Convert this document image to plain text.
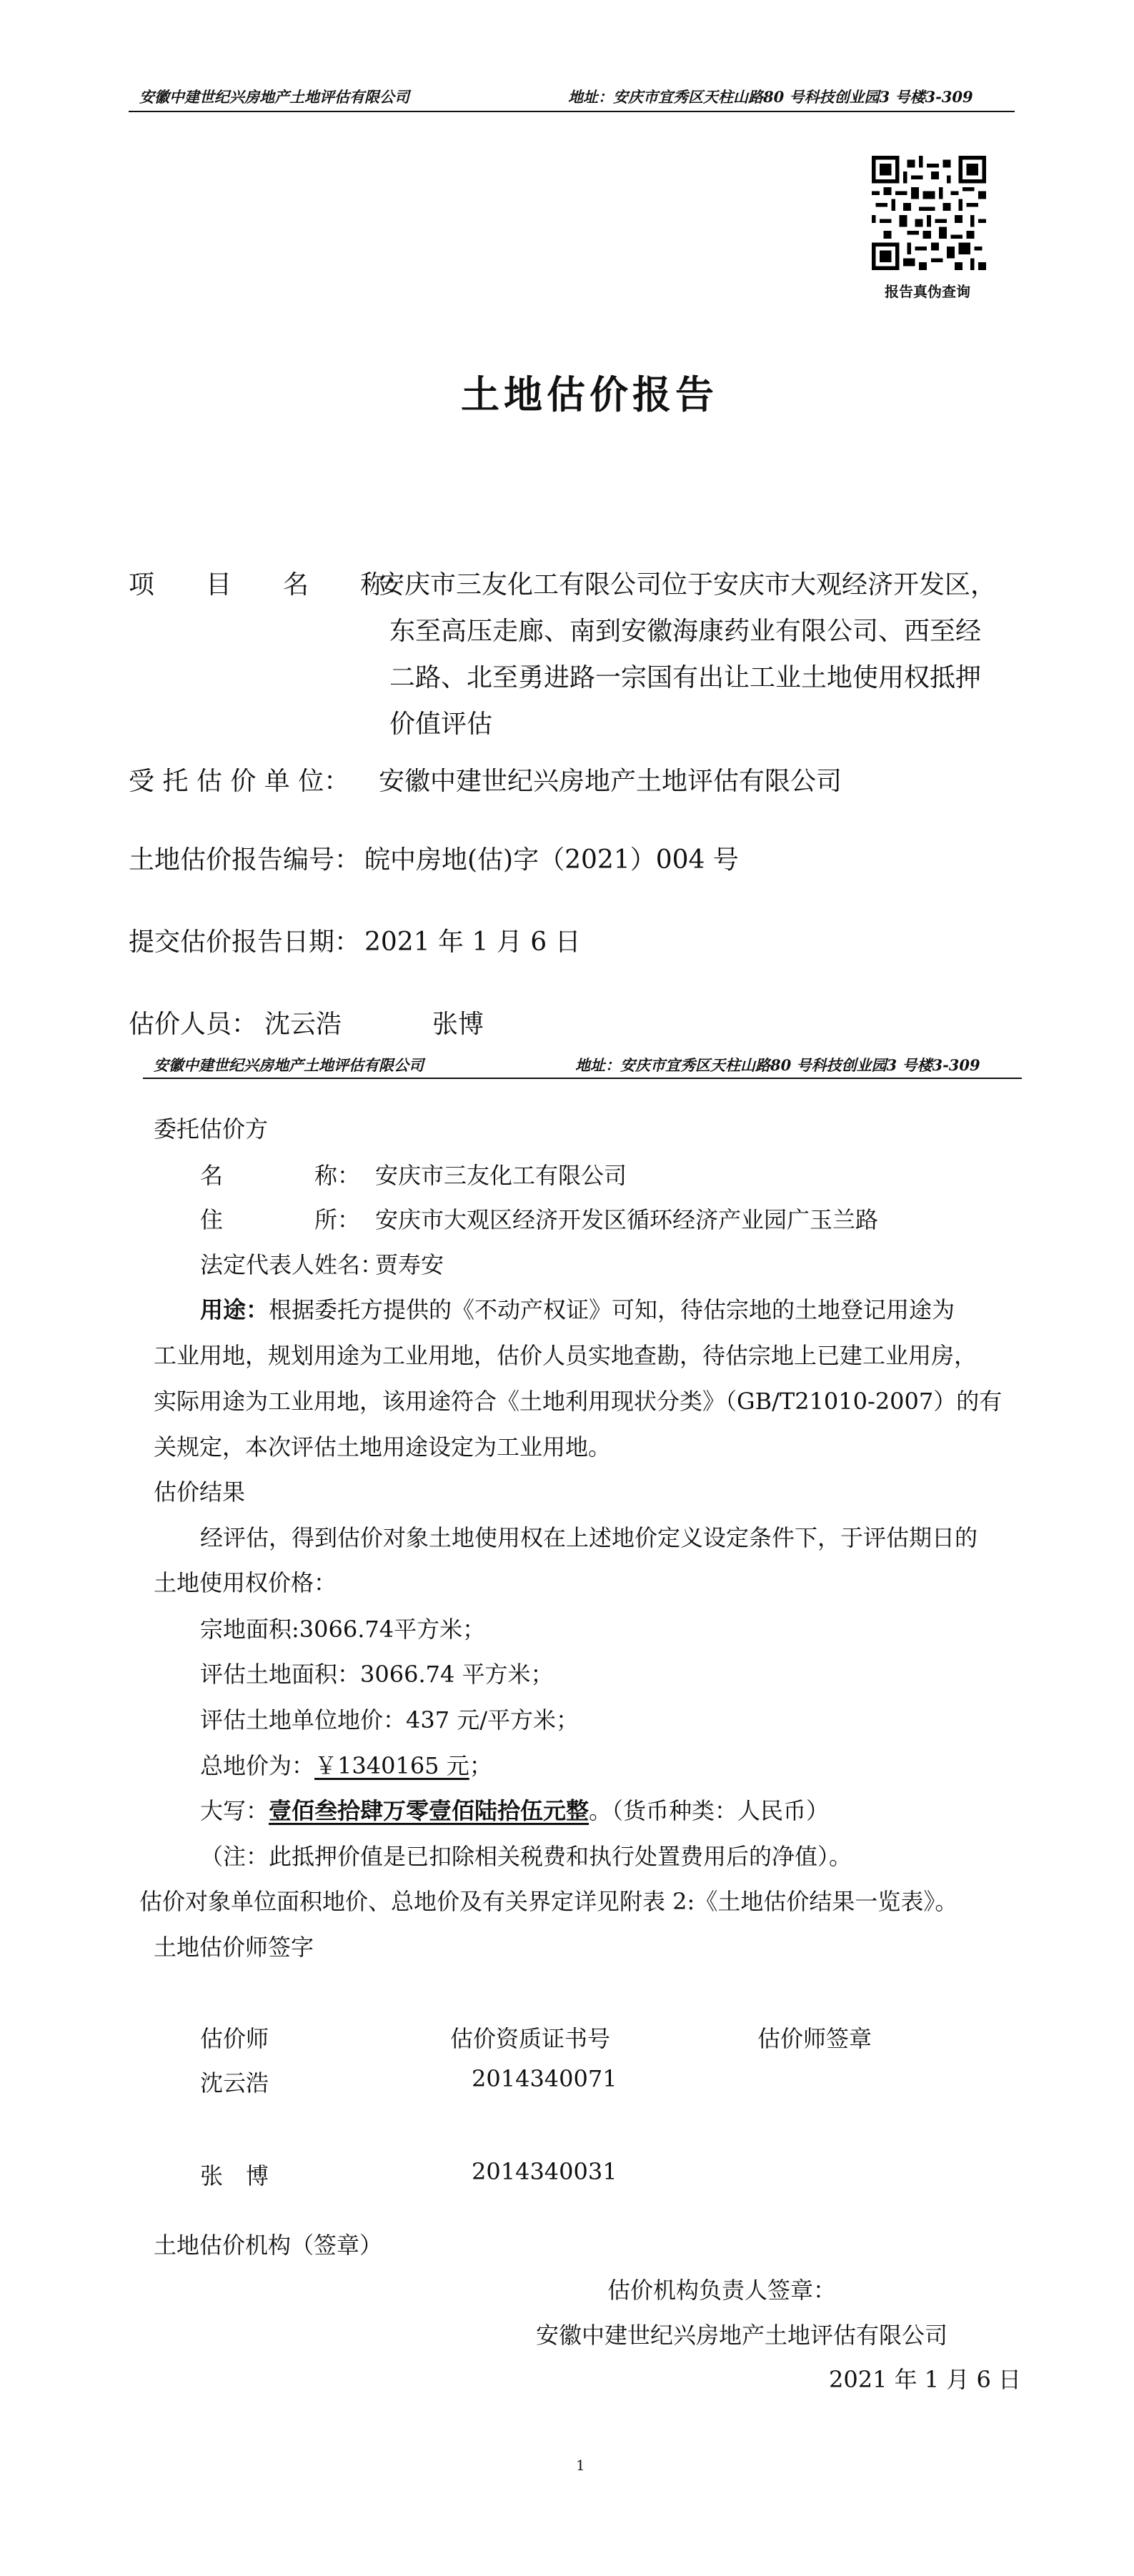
安徽中建世纪兴房地产土地评估有限公司	地址：安庆市宜秀区天柱山路80 号科技创业园3 号楼3-309
报告真伪查询
土地估价报告
项　　目　　名　　称：
安庆市三友化工有限公司位于安庆市大观经济开发区，
东至高压走廊、南到安徽海康药业有限公司、西至经
二路、北至勇进路一宗国有出让工业土地使用权抵押
价值评估
受 托 估 价 单 位： 安徽中建世纪兴房地产土地评估有限公司
土地估价报告编号： 皖中房地(估)字（2021）004 号
提交估价报告日期： 2021 年 1 月 6 日
估价人员： 沈云浩	张博
安徽中建世纪兴房地产土地评估有限公司	地址：安庆市宜秀区天柱山路80 号科技创业园3 号楼3-309
委托估价方
名　　　　称： 安庆市三友化工有限公司
住　　　　所： 安庆市大观区经济开发区循环经济产业园广玉兰路
法定代表人姓名：
贾寿安
用途：根据委托方提供的《不动产权证》可知，待估宗地的土地登记用途为
工业用地，规划用途为工业用地，估价人员实地查勘，待估宗地上已建工业用房，
实际用途为工业用地，该用途符合《土地利用现状分类》（GB/T21010-2007）的有
关规定，本次评估土地用途设定为工业用地。
估价结果
经评估，得到估价对象土地使用权在上述地价定义设定条件下，于评估期日的
土地使用权价格：
宗地面积:3066.74平方米；
评估土地面积：3066.74 平方米；
评估土地单位地价：437 元/平方米；
总地价为：￥1340165 元；
大写：壹佰叁拾肆万零壹佰陆拾伍元整。（货币种类：人民币）
（注：此抵押价值是已扣除相关税费和执行处置费用后的净值）。
估价对象单位面积地价、总地价及有关界定详见附表 2:《土地估价结果一览表》。
土地估价师签字
估价师	估价资质证书号	估价师签章
沈云浩	2014340071
张　博	2014340031
土地估价机构（签章）
估价机构负责人签章：
安徽中建世纪兴房地产土地评估有限公司
2021 年 1 月 6 日
1
